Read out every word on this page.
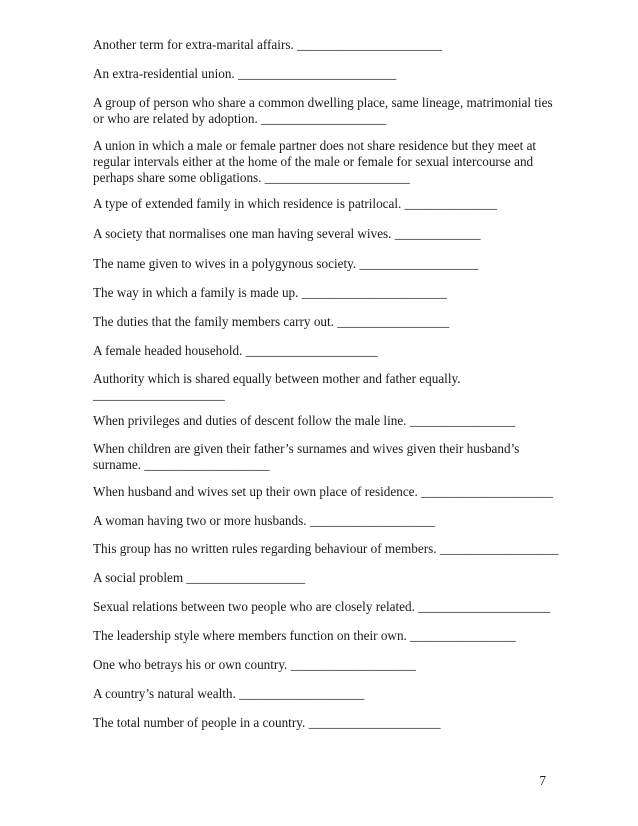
Another term for extra-marital affairs. ______________________

An extra-residential union. ________________________

A group of person who share a common dwelling place, same lineage, matrimonial ties or who are related by adoption. ___________________

A union in which a male or female partner does not share residence but they meet at regular intervals either at the home of the male or female for sexual intercourse and perhaps share some obligations. ______________________

A type of extended family in which residence is patrilocal. ______________

A society that normalises one man having several wives. _____________

The name given to wives in a polygynous society. __________________

The way in which a family is made up. ______________________

The duties that the family members carry out. _________________

A female headed household. ____________________

Authority which is shared equally between mother and father equally. ____________________

When privileges and duties of descent follow the male line. ________________

When children are given their father’s surnames and wives given their husband’s surname. ___________________

When husband and wives set up their own place of residence. ____________________

A woman having two or more husbands. ___________________

This group has no written rules regarding behaviour of members. __________________

A social problem __________________

Sexual relations between two people who are closely related. ____________________

The leadership style where members function on their own. ________________

One who betrays his or own country. ___________________

A country’s natural wealth. ___________________

The total number of people in a country. ____________________

7
